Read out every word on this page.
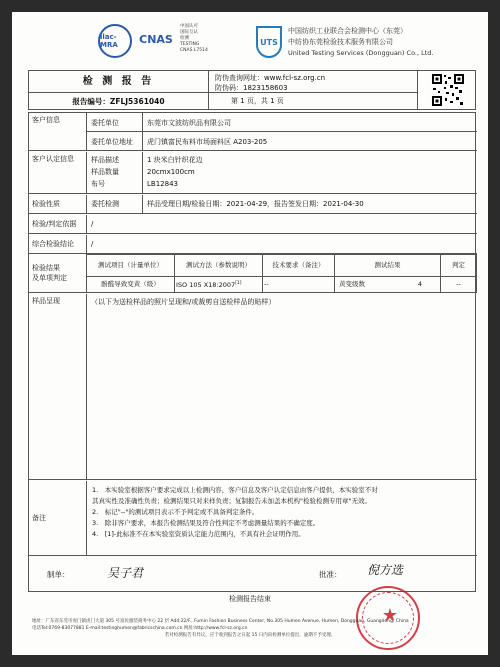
ilac-MRA	CNAS
中国认可
国际互认
检测
TESTING
CNAS L7514
UTS
中国纺织工业联合会检测中心（东莞）
中纺协东莞检验技术服务有限公司
United Testing Services (Dongguan) Co., Ltd.
检 测 报 告
报告编号：ZFLJ5361040
防伪查询网址：www.fcl-sz.org.cn
防伪码：1823158603
第 1 页，共 1 页
客户信息	委托单位	东莞市文波纺织品有限公司
委托单位地址 虎门镇富民布料市场面料区 A203-205
客户认定信息	样品描述	1 块米白针织花边
样品数量	20cmx100cm
布号	LB12843
检验性质	委托检测	样品受理日期/检验日期：2021-04-29，报告签发日期：2021-04-30
检验/判定依据	/
综合检验结论	/
检验结果
及单项判定
测试项目（计量单位）	测试方法（参数说明）	技术要求（备注）	测试结果	判定
酚醛导致变黄（级）	ISO 105 X18:2007[1]	--	黄变级数 4	--
样品呈现	（以下为送检样品的照片呈现和/或裁剪自送检样品的贴样）
备注
1.　本实验室根据客户要求完成以上检测内容，客户信息及客户认定信息由客户提供，本实验室不对
其真实性及准确性负责；检测结果只对来样负责；复制报告未加盖本机构"检验检测专用章"无效。
2.　标记"--"的测试项目表示不予判定或不具备判定条件。
3.　除非客户要求，本报告检测结果及符合性判定不考虑测量结果的不确定度。
4.　[1]-此标准不在本实验室资质认定能力范围内，不具有社会证明作用。
制单：	吴子君	批准： 倪方选
检测报告结束
★
地址：广东省东莞市虎门镇虎门大道 305 号富民服装商务中心 22 层 Add:22/F., Fumin Fashion Business Center, No.305 Humen Avenue, Humen, Dongguan, Guangdong, China
电话Tel:0769-83077881 E-mail:testinghumen@fabricschina.com.cn 网址:http://www.fcl-sz.org.cn
若对检测报告有异议，应于收到报告之日起 15 日内向检测单位提出，逾期不予受理。
